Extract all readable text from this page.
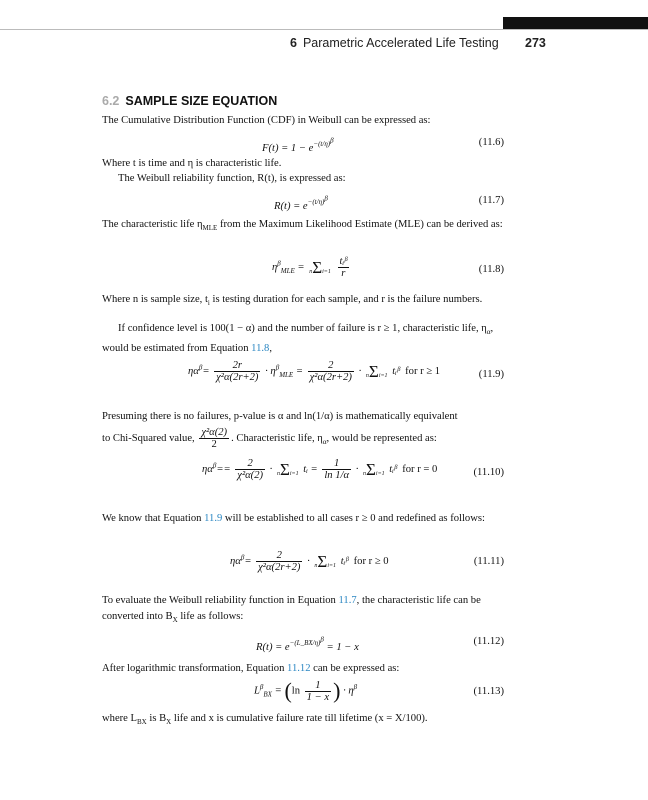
6 Parametric Accelerated Life Testing 273
6.2 SAMPLE SIZE EQUATION
The Cumulative Distribution Function (CDF) in Weibull can be expressed as:
$F(t) = 1 - e^{-(t/\eta)^\beta}$	(11.6)
Where t is time and η is characteristic life.
The Weibull reliability function, R(t), is expressed as:
$R(t) = e^{-(t/\eta)^\beta}$	(11.7)
The characteristic life $\eta_{MLE}$ from the Maximum Likelihood Estimate (MLE) can be derived as:
$\eta^\beta_{MLE} = n\Sigma i=1 \frac{\text{tᵢᵝ}}{r}$	(11.8)
Where n is sample size, $t_i$ is testing duration for each sample, and r is the failure numbers.
If confidence level is 100(1 − α) and the number of failure is r ≥ 1, characteristic life, $\eta_\alpha$, would be estimated from Equation 11.8,
$\eta\alpha^\beta= \frac{2r}{\text{χ²α(2r+2)}} \cdot \eta^\beta_{MLE} = \frac{2}{\text{χ²α(2r+2)}} \cdot n\Sigma i=1$ tᵢᵝ for r ≥ 1	(11.9)
Presuming there is no failures, p-value is α and ln(1/α) is mathematically equivalent
to Chi-Squared value, $\frac{\text{χ²α(2)}}{2}$ . Characteristic life, $\eta_\alpha$, would be represented as:
$\eta\alpha^\beta== \frac{2}{\text{χ²α(2)}} \cdot n\Sigma i=1$ tᵢ = $\frac{1}{\ln 1/\alpha} \cdot n\Sigma i=1$ tᵢᵝ for r = 0	(11.10)
We know that Equation 11.9 will be established to all cases r ≥ 0 and redefined as follows:
$\eta\alpha^\beta= \frac{2}{\text{χ²α(2r+2)}} \cdot n\Sigma i=1$ tᵢᵝ for r ≥ 0	(11.11)
To evaluate the Weibull reliability function in Equation 11.7, the characteristic life can be converted into $B_X$ life as follows:
$R(t) = e^{-(L\_BX/\eta)^\beta} = 1 - x$
(11.12)
After logarithmic transformation, Equation 11.12 can be expressed as:
$L^\beta_{BX} = (\ln \frac{1}{1 - x}$ ) · $\eta^\beta$	(11.13)
where $L_{BX}$ is $B_X$ life and x is cumulative failure rate till lifetime (x = X/100).
